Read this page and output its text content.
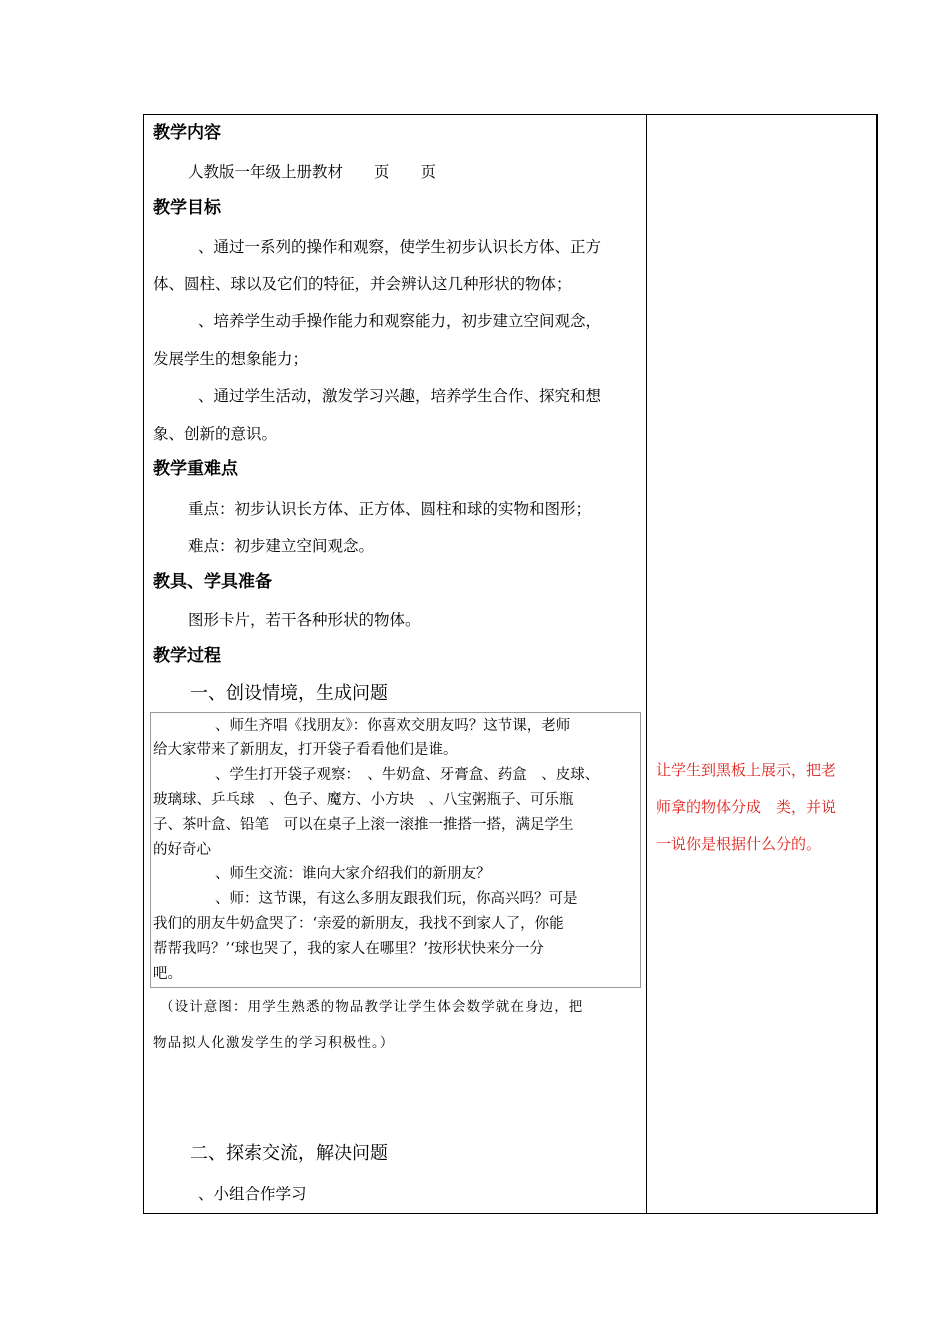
教学内容
人教版一年级上册教材　　页　　页
教学目标
、通过一系列的操作和观察，使学生初步认识长方体、正方
体、圆柱、球以及它们的特征，并会辨认这几种形状的物体；
、培养学生动手操作能力和观察能力，初步建立空间观念，
发展学生的想象能力；
、通过学生活动，激发学习兴趣，培养学生合作、探究和想
象、创新的意识。
教学重难点
重点：初步认识长方体、正方体、圆柱和球的实物和图形；
难点：初步建立空间观念。
教具、学具准备
图形卡片，若干各种形状的物体。
教学过程
一、创设情境，生成问题
、师生齐唱《找朋友》：你喜欢交朋友吗？这节课，老师
给大家带来了新朋友，打开袋子看看他们是谁。
、学生打开袋子观察：　、牛奶盒、牙膏盒、药盒　、皮球、
玻璃球、乒乓球　、色子、魔方、小方块　、八宝粥瓶子、可乐瓶
子、茶叶盒、铅笔　可以在桌子上滚一滚推一推搭一搭，满足学生
的好奇心
、师生交流：谁向大家介绍我们的新朋友？
、师：这节课，有这么多朋友跟我们玩，你高兴吗？可是
我们的朋友牛奶盒哭了：‘亲爱的新朋友，我找不到家人了，你能
帮帮我吗？’‘球也哭了，我的家人在哪里？’按形状快来分一分
吧。
（设计意图：用学生熟悉的物品教学让学生体会数学就在身边，把
物品拟人化激发学生的学习积极性。）
二、探索交流，解决问题
、小组合作学习
让学生到黑板上展示，把老
师拿的物体分成　类，并说
一说你是根据什么分的。
